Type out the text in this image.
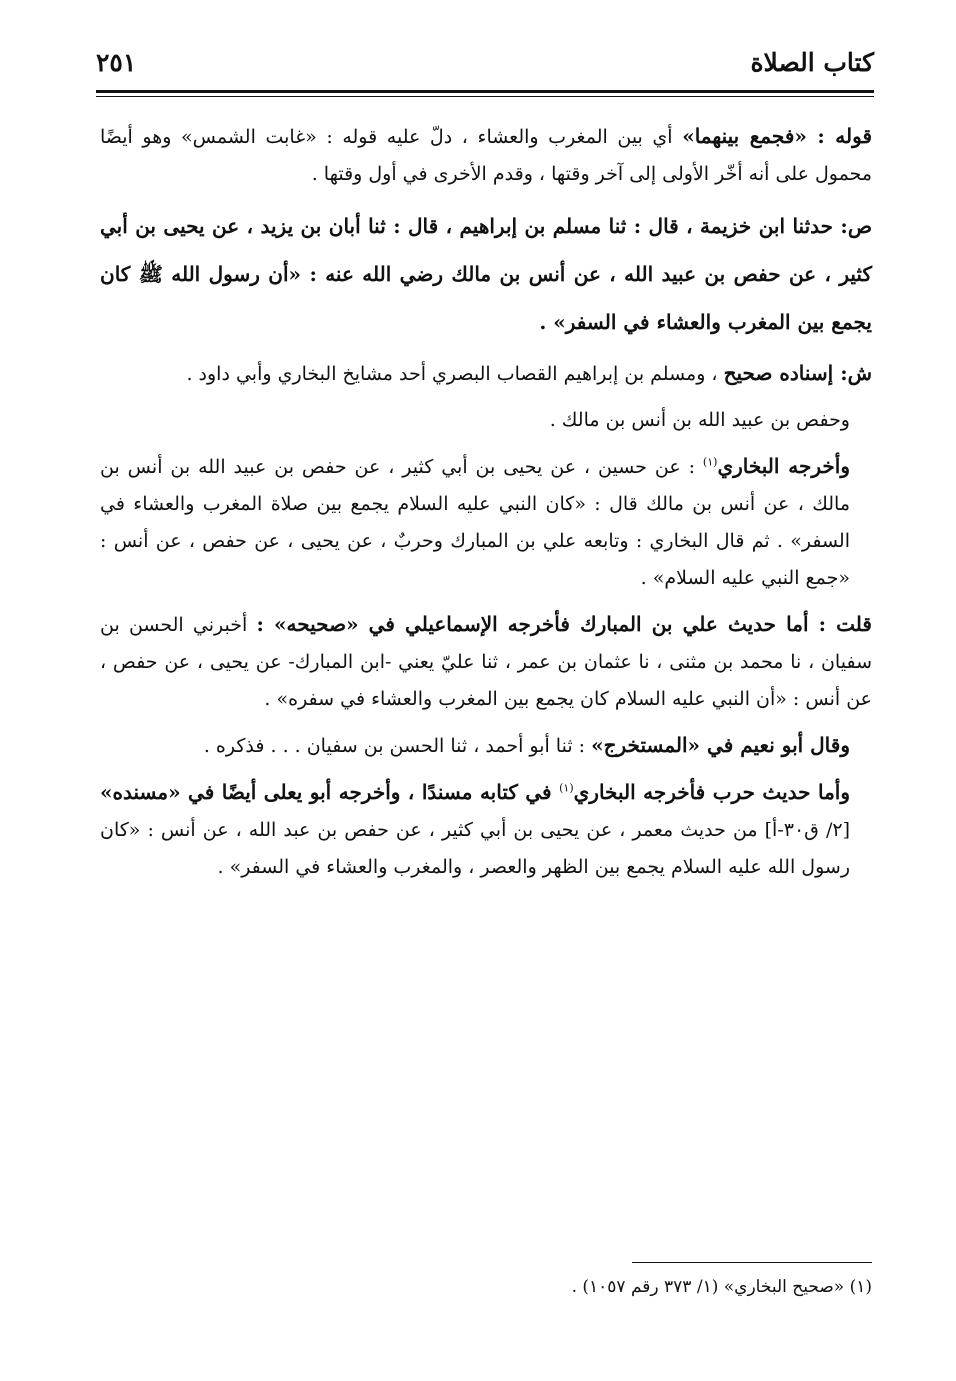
كتاب الصلاة
٢٥١

قوله : «فجمع بينهما» أي بين المغرب والعشاء ، دلّ عليه قوله : «غابت الشمس» وهو أيضًا محمول على أنه أخّر الأولى إلى آخر وقتها ، وقدم الأخرى في أول وقتها .

ص: حدثنا ابن خزيمة ، قال : ثنا مسلم بن إبراهيم ، قال : ثنا أبان بن يزيد ، عن يحيى بن أبي كثير ، عن حفص بن عبيد الله ، عن أنس بن مالك رضي الله عنه : «أن رسول الله ﷺ كان يجمع بين المغرب والعشاء في السفر» .

ش: إسناده صحيح ، ومسلم بن إبراهيم القصاب البصري أحد مشايخ البخاري وأبي داود .

وحفص بن عبيد الله بن أنس بن مالك .

وأخرجه البخاري$^{(١)}$ : عن حسين ، عن يحيى بن أبي كثير ، عن حفص بن عبيد الله بن أنس بن مالك ، عن أنس بن مالك قال : «كان النبي عليه السلام يجمع بين صلاة المغرب والعشاء في السفر» . ثم قال البخاري : وتابعه علي بن المبارك وحربٌ ، عن يحيى ، عن حفص ، عن أنس : «جمع النبي عليه السلام» .

قلت : أما حديث علي بن المبارك فأخرجه الإسماعيلي في «صحيحه» : أخبرني الحسن بن سفيان ، نا محمد بن مثنى ، نا عثمان بن عمر ، ثنا عليّ يعني -ابن المبارك- عن يحيى ، عن حفص ، عن أنس : «أن النبي عليه السلام كان يجمع بين المغرب والعشاء في سفره» .

وقال أبو نعيم في «المستخرج» : ثنا أبو أحمد ، ثنا الحسن بن سفيان . . . فذكره .

وأما حديث حرب فأخرجه البخاري$^{(١)}$ في كتابه مسندًا ، وأخرجه أبو يعلى أيضًا في «مسنده» [٢/ ق٣٠-أ] من حديث معمر ، عن يحيى بن أبي كثير ، عن حفص بن عبد الله ، عن أنس : «كان رسول الله عليه السلام يجمع بين الظهر والعصر ، والمغرب والعشاء في السفر» .

(١) «صحيح البخاري» (١/ ٣٧٣ رقم ١٠٥٧) .
